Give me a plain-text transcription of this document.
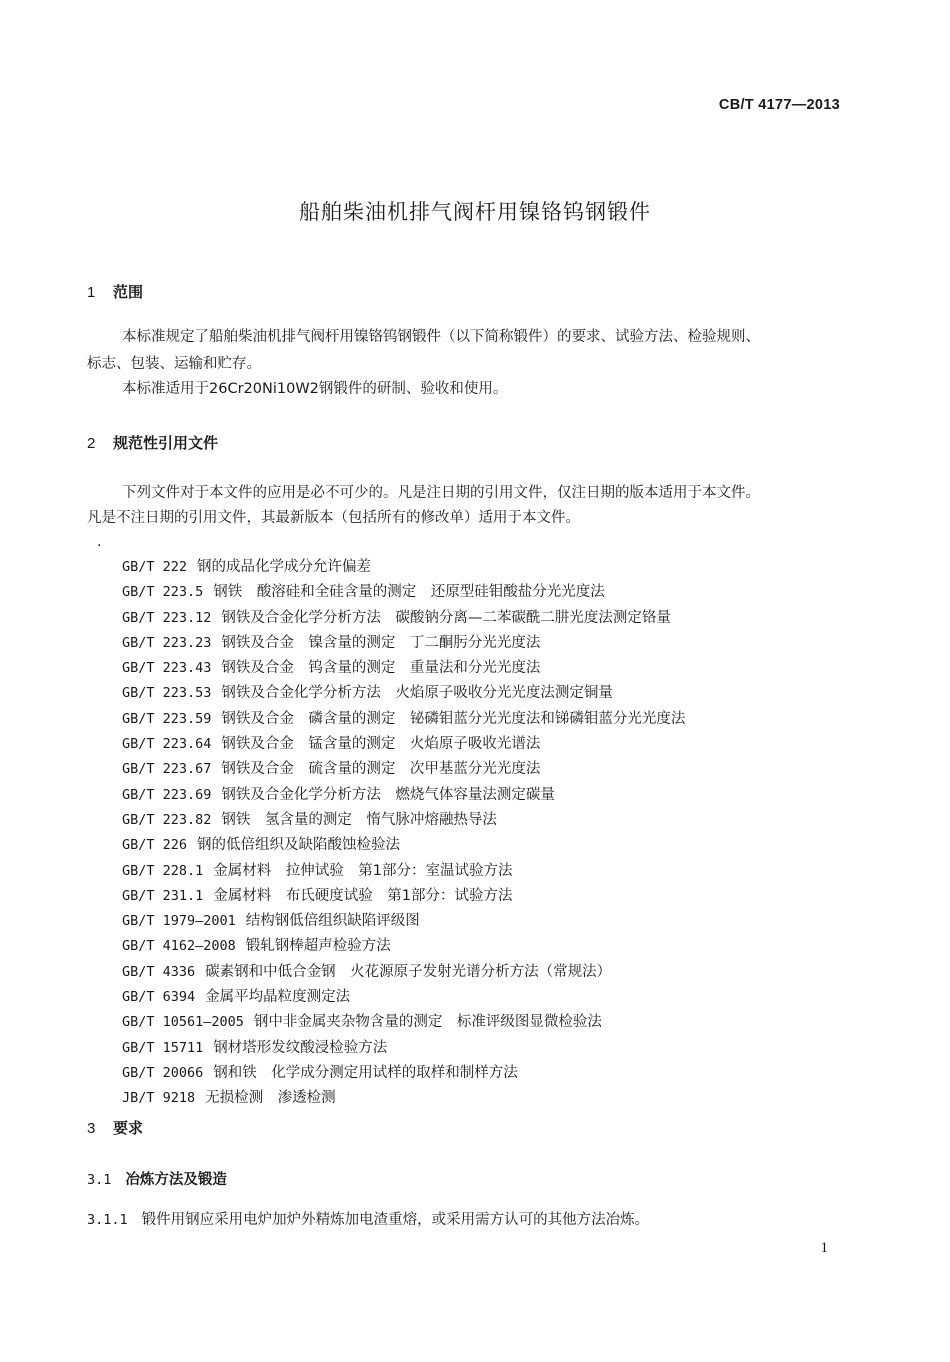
CB/T 4177—2013
船舶柴油机排气阀杆用镍铬钨钢锻件
1 范围
本标准规定了船舶柴油机排气阀杆用镍铬钨钢锻件（以下简称锻件）的要求、试验方法、检验规则、
标志、包装、运输和贮存。
本标准适用于26Cr20Ni10W2钢锻件的研制、验收和使用。
2 规范性引用文件
下列文件对于本文件的应用是必不可少的。凡是注日期的引用文件，仅注日期的版本适用于本文件。
凡是不注日期的引用文件，其最新版本（包括所有的修改单）适用于本文件。
·
GB/T 222 钢的成品化学成分允许偏差
GB/T 223.5 钢铁　酸溶硅和全硅含量的测定　还原型硅钼酸盐分光光度法
GB/T 223.12 钢铁及合金化学分析方法　碳酸钠分离—二苯碳酰二肼光度法测定铬量
GB/T 223.23 钢铁及合金　镍含量的测定　丁二酮肟分光光度法
GB/T 223.43 钢铁及合金　钨含量的测定　重量法和分光光度法
GB/T 223.53 钢铁及合金化学分析方法　火焰原子吸收分光光度法测定铜量
GB/T 223.59 钢铁及合金　磷含量的测定　铋磷钼蓝分光光度法和锑磷钼蓝分光光度法
GB/T 223.64 钢铁及合金　锰含量的测定　火焰原子吸收光谱法
GB/T 223.67 钢铁及合金　硫含量的测定　次甲基蓝分光光度法
GB/T 223.69 钢铁及合金化学分析方法　燃烧气体容量法测定碳量
GB/T 223.82 钢铁　氢含量的测定　惰气脉冲熔融热导法
GB/T 226 钢的低倍组织及缺陷酸蚀检验法
GB/T 228.1 金属材料　拉伸试验　第1部分：室温试验方法
GB/T 231.1 金属材料　布氏硬度试验　第1部分：试验方法
GB/T 1979—2001 结构钢低倍组织缺陷评级图
GB/T 4162—2008 锻轧钢棒超声检验方法
GB/T 4336 碳素钢和中低合金钢　火花源原子发射光谱分析方法（常规法）
GB/T 6394 金属平均晶粒度测定法
GB/T 10561—2005 钢中非金属夹杂物含量的测定　标准评级图显微检验法
GB/T 15711 钢材塔形发纹酸浸检验方法
GB/T 20066 钢和铁　化学成分测定用试样的取样和制样方法
JB/T 9218 无损检测　渗透检测
3 要求
3.1 冶炼方法及锻造
3.1.1 锻件用钢应采用电炉加炉外精炼加电渣重熔，或采用需方认可的其他方法冶炼。
1
